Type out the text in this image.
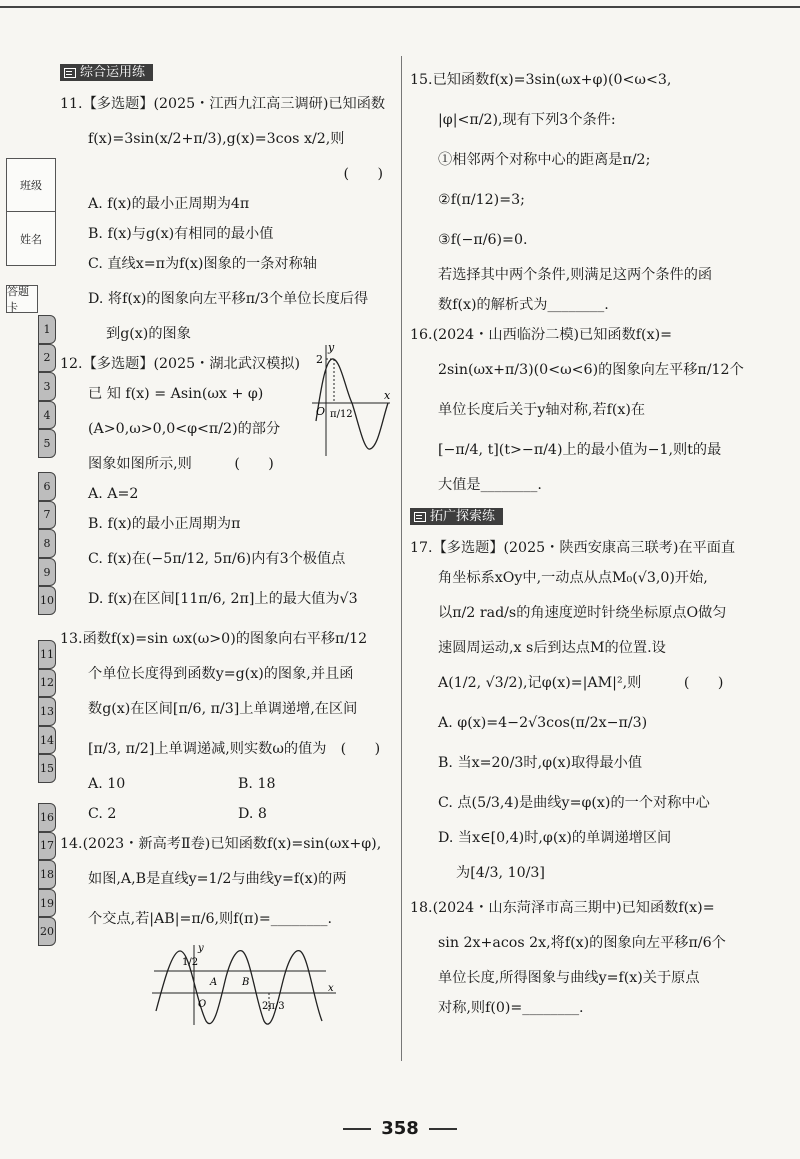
班级
姓名
答题卡
1
2
3
4
5
6
7
8
9
10
11
12
13
14
15
16
17
18
19
20
综合运用练
11.【多选题】(2025・江西九江高三调研)已知函数
f(x)=3sin(x/2+π/3),g(x)=3cos x/2,则
(　　)
A. f(x)的最小正周期为4π
B. f(x)与g(x)有相同的最小值
C. 直线x=π为f(x)图象的一条对称轴
D. 将f(x)的图象向左平移π/3个单位长度后得
到g(x)的图象
12.【多选题】(2025・湖北武汉模拟)
已 知 f(x) = Asin(ωx + φ)
(A>0,ω>0,0<φ<π/2)的部分
图象如图所示,则　　　(　　)
A. A=2
B. f(x)的最小正周期为π
C. f(x)在(−5π/12, 5π/6)内有3个极值点
D. f(x)在区间[11π/6, 2π]上的最大值为√3
2
y
x
O π/12
13.函数f(x)=sin ωx(ω>0)的图象向右平移π/12
个单位长度得到函数y=g(x)的图象,并且函
数g(x)在区间[π/6, π/3]上单调递增,在区间
[π/3, π/2]上单调递减,则实数ω的值为　(　　)
A. 10	B. 18
C. 2	D. 8
14.(2023・新高考Ⅱ卷)已知函数f(x)=sin(ωx+φ),
如图,A,B是直线y=1/2与曲线y=f(x)的两
个交点,若|AB|=π/6,则f(π)=________.
1/2
y
x
O
A B
2π/3
15.已知函数f(x)=3sin(ωx+φ)(0<ω<3,
|φ|<π/2),现有下列3个条件:
①相邻两个对称中心的距离是π/2;
②f(π/12)=3;
③f(−π/6)=0.
若选择其中两个条件,则满足这两个条件的函
数f(x)的解析式为________.
16.(2024・山西临汾二模)已知函数f(x)=
2sin(ωx+π/3)(0<ω<6)的图象向左平移π/12个
单位长度后关于y轴对称,若f(x)在
[−π/4, t](t>−π/4)上的最小值为−1,则t的最
大值是________.
拓广探索练
17.【多选题】(2025・陕西安康高三联考)在平面直
角坐标系xOy中,一动点从点M₀(√3,0)开始,
以π/2 rad/s的角速度逆时针绕坐标原点O做匀
速圆周运动,x s后到达点M的位置.设
A(1/2, √3/2),记φ(x)=|AM|²,则　　　(　　)
A. φ(x)=4−2√3cos(π/2x−π/3)
B. 当x=20/3时,φ(x)取得最小值
C. 点(5/3,4)是曲线y=φ(x)的一个对称中心
D. 当x∈[0,4)时,φ(x)的单调递增区间
为[4/3, 10/3]
18.(2024・山东菏泽市高三期中)已知函数f(x)=
sin 2x+acos 2x,将f(x)的图象向左平移π/6个
单位长度,所得图象与曲线y=f(x)关于原点
对称,则f(0)=________.
358
